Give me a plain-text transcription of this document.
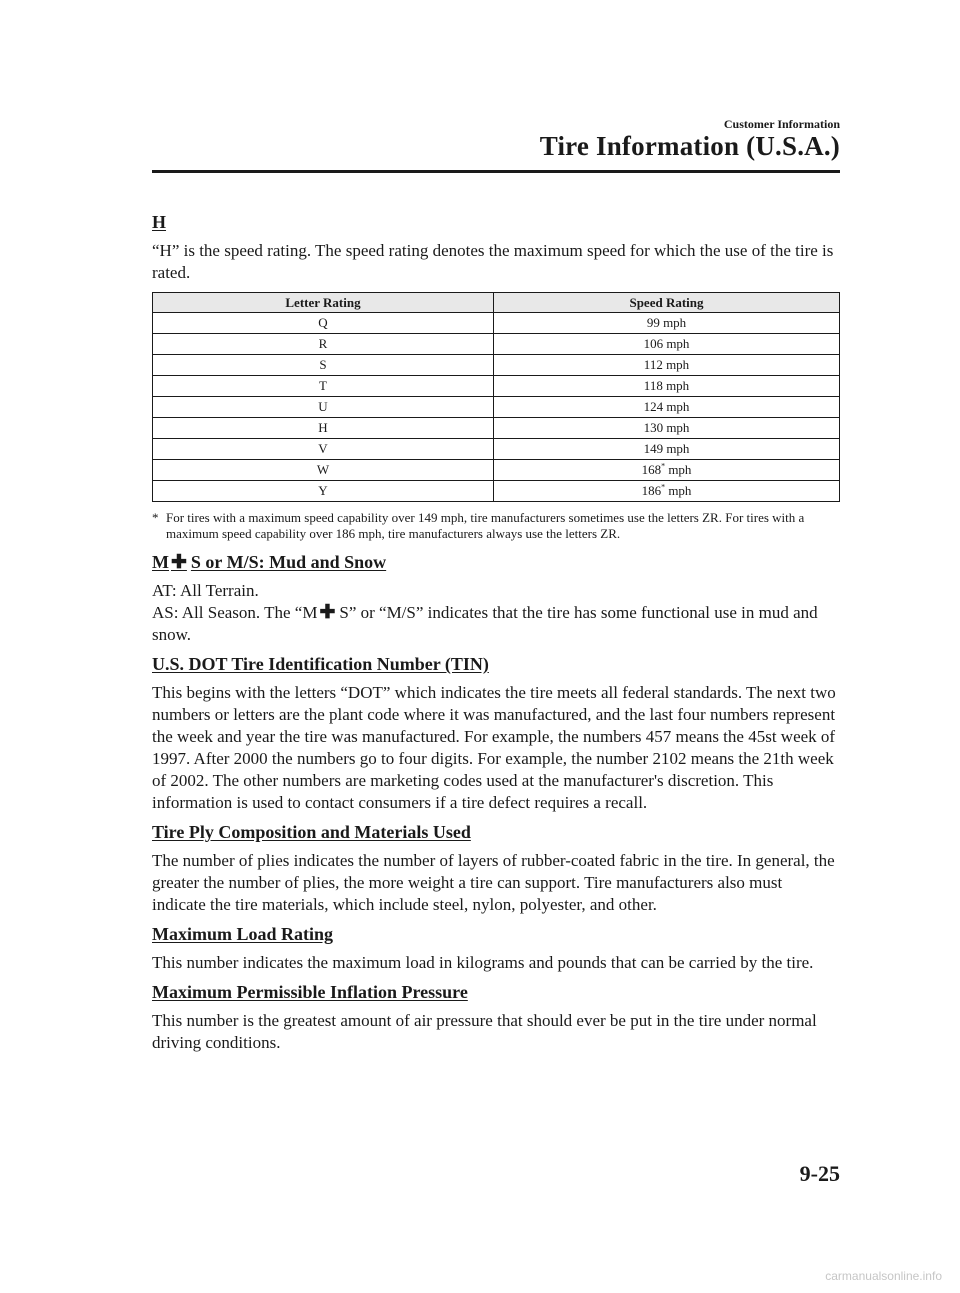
Customer Information
Tire Information (U.S.A.)
H

“H” is the speed rating. The speed rating denotes the maximum speed for which the use of the tire is rated.

Letter Rating	Speed Rating
Q	99 mph
R	106 mph
S	112 mph
T	118 mph
U	124 mph
H	130 mph
V	149 mph
W	168* mph
Y	186* mph
* For tires with a maximum speed capability over 149 mph, tire manufacturers sometimes use the letters ZR. For tires with a maximum speed capability over 186 mph, tire manufacturers always use the letters ZR.
M ✚ S or M/S: Mud and Snow

AT: All Terrain.
AS: All Season. The “M ✚ S” or “M/S” indicates that the tire has some functional use in mud and snow.

U.S. DOT Tire Identification Number (TIN)

This begins with the letters “DOT” which indicates the tire meets all federal standards. The next two numbers or letters are the plant code where it was manufactured, and the last four numbers represent the week and year the tire was manufactured. For example, the numbers 457 means the 45st week of 1997. After 2000 the numbers go to four digits. For example, the number 2102 means the 21th week of 2002. The other numbers are marketing codes used at the manufacturer's discretion. This information is used to contact consumers if a tire defect requires a recall.

Tire Ply Composition and Materials Used

The number of plies indicates the number of layers of rubber-coated fabric in the tire. In general, the greater the number of plies, the more weight a tire can support. Tire manufacturers also must indicate the tire materials, which include steel, nylon, polyester, and other.

Maximum Load Rating

This number indicates the maximum load in kilograms and pounds that can be carried by the tire.

Maximum Permissible Inflation Pressure

This number is the greatest amount of air pressure that should ever be put in the tire under normal driving conditions.

9-25
carmanualsonline.info
